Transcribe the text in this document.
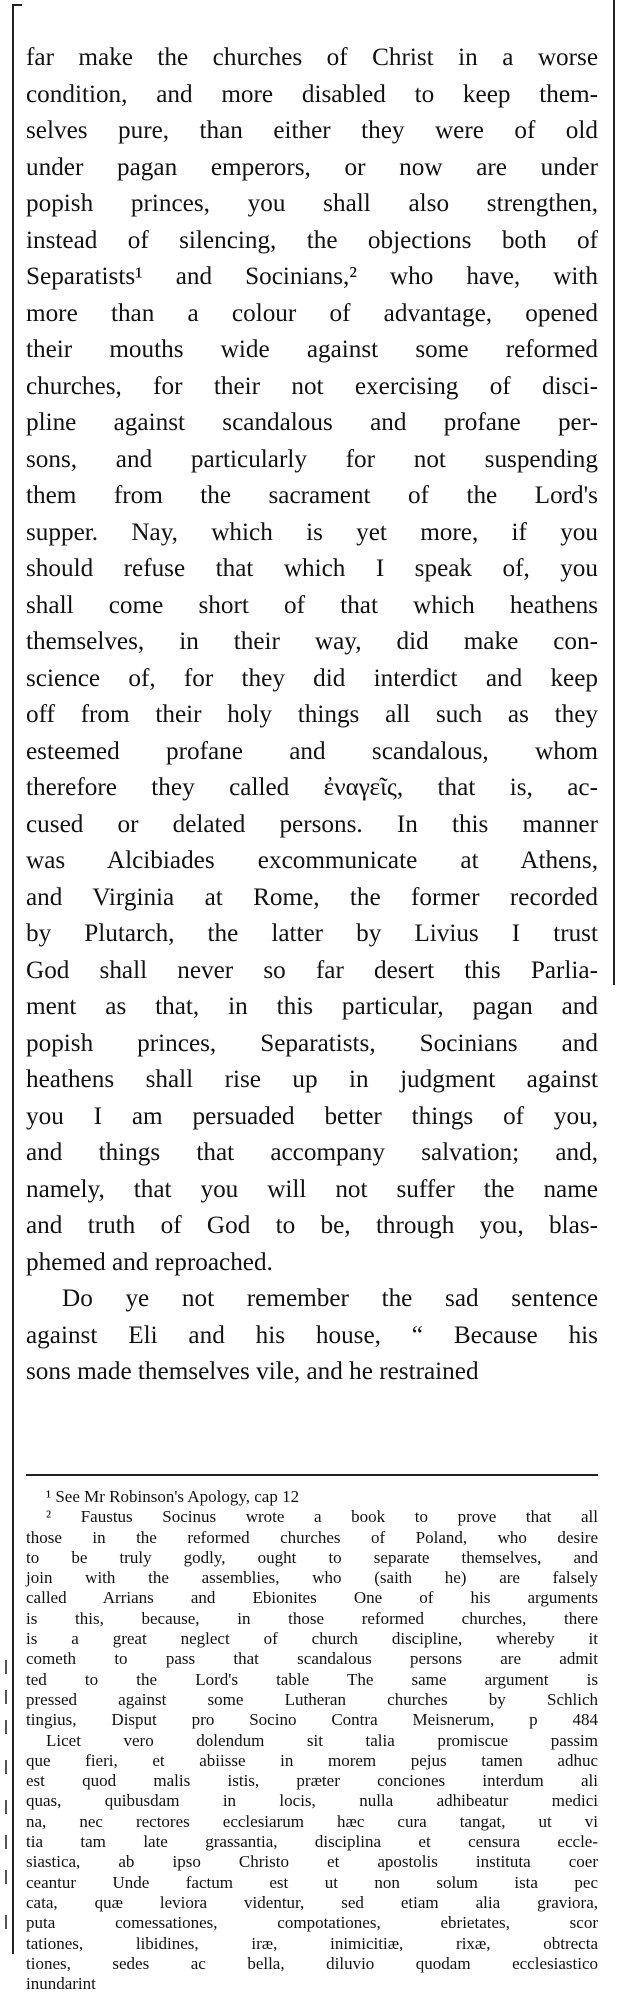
far make the churches of Christ in a worse
condition, and more disabled to keep them-
selves pure, than either they were of old
under pagan emperors, or now are under
popish princes, you shall also strengthen,
instead of silencing, the objections both of
Separatists¹ and Socinians,² who have, with
more than a colour of advantage, opened
their mouths wide against some reformed
churches, for their not exercising of disci-
pline against scandalous and profane per-
sons, and particularly for not suspending
them from the sacrament of the Lord's
supper. Nay, which is yet more, if you
should refuse that which I speak of, you
shall come short of that which heathens
themselves, in their way, did make con-
science of, for they did interdict and keep
off from their holy things all such as they
esteemed profane and scandalous, whom
therefore they called ἐναγεῖς, that is, ac-
cused or delated persons. In this manner
was Alcibiades excommunicate at Athens,
and Virginia at Rome, the former recorded
by Plutarch, the latter by Livius I trust
God shall never so far desert this Parlia-
ment as that, in this particular, pagan and
popish princes, Separatists, Socinians and
heathens shall rise up in judgment against
you I am persuaded better things of you,
and things that accompany salvation; and,
namely, that you will not suffer the name
and truth of God to be, through you, blas-
phemed and reproached.
Do ye not remember the sad sentence
against Eli and his house, “ Because his
sons made themselves vile, and he restrained
¹ See Mr Robinson's Apology, cap 12
² Faustus Socinus wrote a book to prove that all
those in the reformed churches of Poland, who desire
to be truly godly, ought to separate themselves, and
join with the assemblies, who (saith he) are falsely
called Arrians and Ebionites One of his arguments
is this, because, in those reformed churches, there
is a great neglect of church discipline, whereby it
cometh to pass that scandalous persons are admit
ted to the Lord's table The same argument is
pressed against some Lutheran churches by Schlich
tingius, Disput pro Socino Contra Meisnerum, p 484
Licet vero dolendum sit talia promiscue passim
que fieri, et abiisse in morem pejus tamen adhuc
est quod malis istis, præter conciones interdum ali
quas, quibusdam in locis, nulla adhibeatur medici
na, nec rectores ecclesiarum hæc cura tangat, ut vi
tia tam late grassantia, disciplina et censura eccle-
siastica, ab ipso Christo et apostolis instituta coer
ceantur Unde factum est ut non solum ista pec
cata, quæ leviora videntur, sed etiam alia graviora,
puta comessationes, compotationes, ebrietates, scor
tationes, libidines, iræ, inimicitiæ, rixæ, obtrecta
tiones, sedes ac bella, diluvio quodam ecclesiastico
inundarint
